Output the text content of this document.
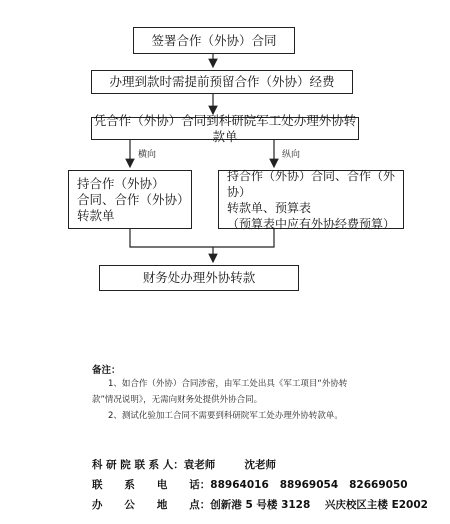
签署合作（外协）合同
办理到款时需提前预留合作（外协）经费
凭合作（外协）合同到科研院军工处办理外协转款单
横向	纵向
持合作（外协）
合同、合作（外协）
转款单
持合作（外协）合同、合作（外协）
转款单、预算表
（预算表中应有外协经费预算）
财务处办理外协转款
备注：
1、如合作（外协）合同涉密，由军工处出具《军工项目“外协转
款”情况说明》，无需向财务处提供外协合同。
2、测试化验加工合同不需要到科研院军工处办理外协转款单。
科 研 院 联 系 人：袁老师        沈老师
联      系      电      话：88964016   88969054   82669050
办      公      地      点：创新港 5 号楼 3128    兴庆校区主楼 E2002
